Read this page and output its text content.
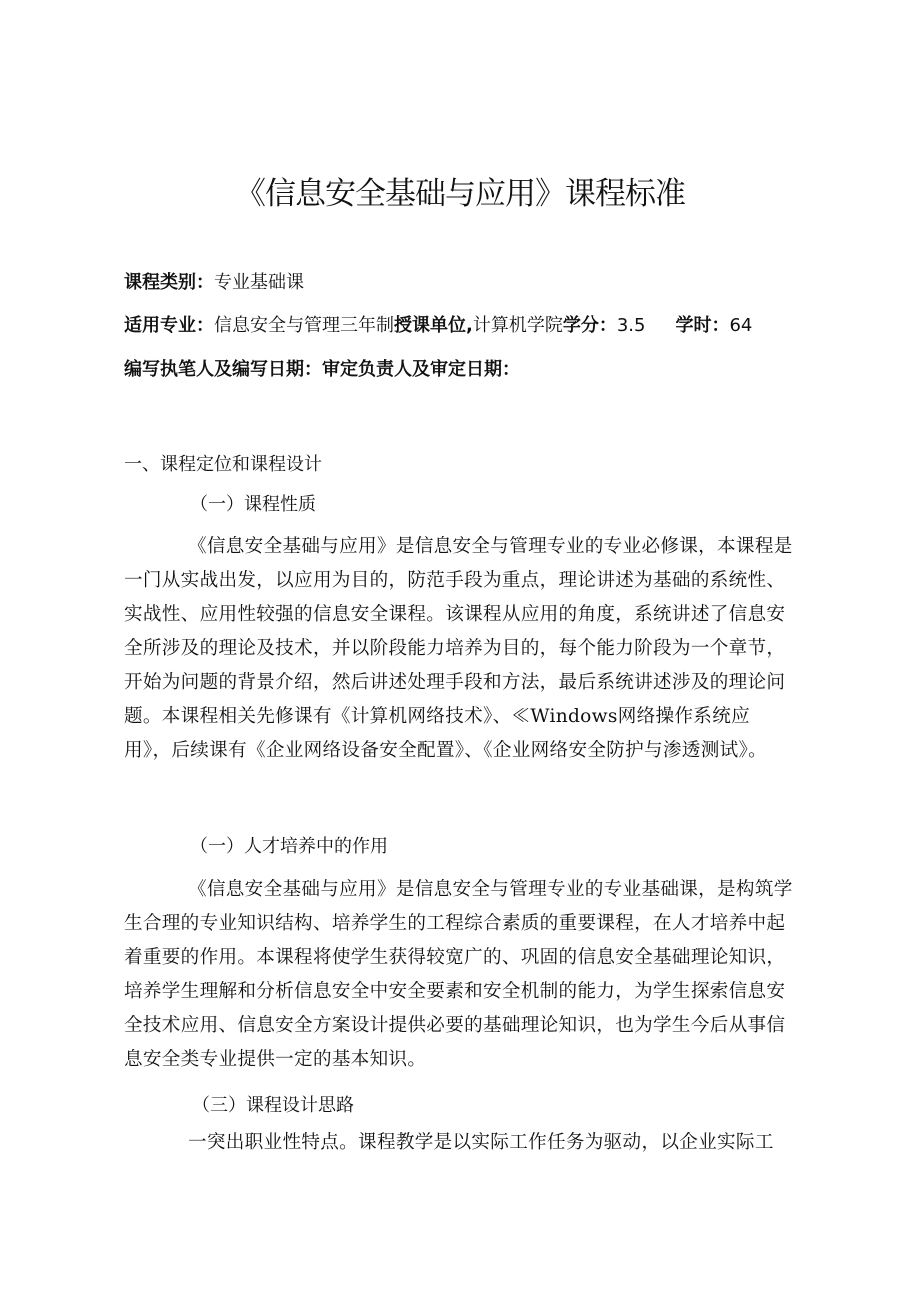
《信息安全基础与应用》课程标准
课程类别：专业基础课
适用专业：信息安全与管理三年制授课单位,计算机学院学分：3.5 学时：64
编写执笔人及编写日期：审定负责人及审定日期：
一、课程定位和课程设计
（一）课程性质
《信息安全基础与应用》是信息安全与管理专业的专业必修课，本课程是
一门从实战出发，以应用为目的，防范手段为重点，理论讲述为基础的系统性、
实战性、应用性较强的信息安全课程。该课程从应用的角度，系统讲述了信息安
全所涉及的理论及技术，并以阶段能力培养为目的，每个能力阶段为一个章节，
开始为问题的背景介绍，然后讲述处理手段和方法，最后系统讲述涉及的理论问
题。本课程相关先修课有《计算机网络技术》、≪Windows网络操作系统应
用》，后续课有《企业网络设备安全配置》、《企业网络安全防护与渗透测试》。
（一）人才培养中的作用
《信息安全基础与应用》是信息安全与管理专业的专业基础课，是构筑学
生合理的专业知识结构、培养学生的工程综合素质的重要课程，在人才培养中起
着重要的作用。本课程将使学生获得较宽广的、巩固的信息安全基础理论知识，
培养学生理解和分析信息安全中安全要素和安全机制的能力，为学生探索信息安
全技术应用、信息安全方案设计提供必要的基础理论知识，也为学生今后从事信
息安全类专业提供一定的基本知识。
（三）课程设计思路
一突出职业性特点。课程教学是以实际工作任务为驱动，以企业实际工
